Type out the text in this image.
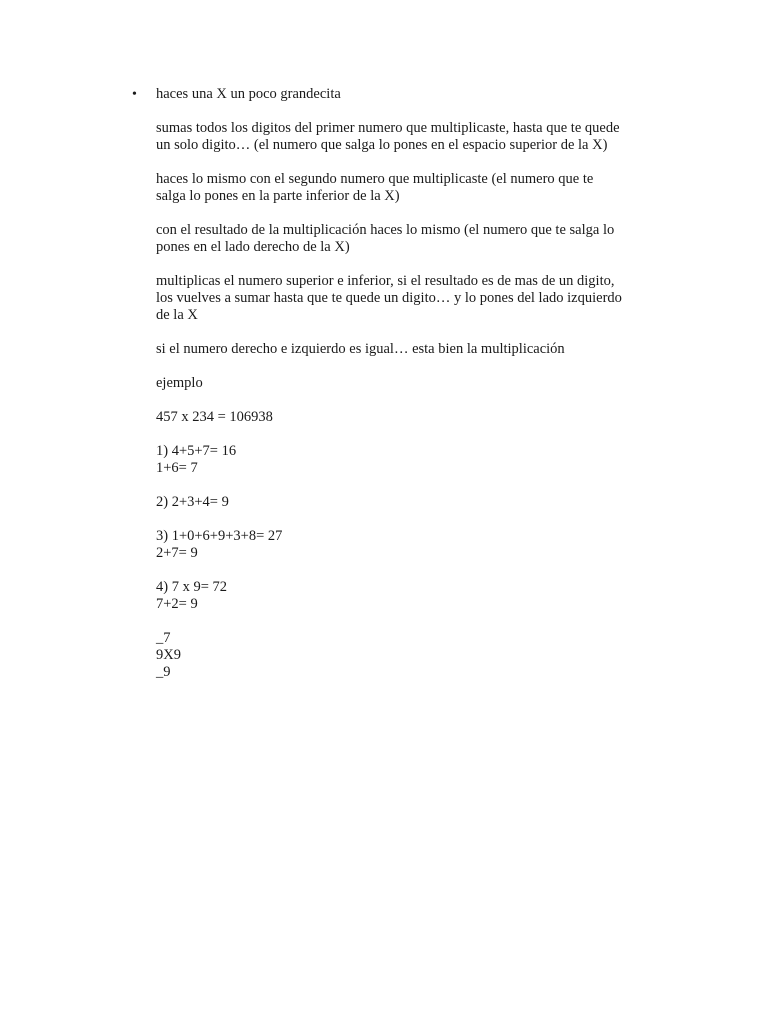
• haces una X un poco grandecita

sumas todos los digitos del primer numero que multiplicaste, hasta que te quede
un solo digito… (el numero que salga lo pones en el espacio superior de la X)

haces lo mismo con el segundo numero que multiplicaste (el numero que te
salga lo pones en la parte inferior de la X)

con el resultado de la multiplicación haces lo mismo (el numero que te salga lo
pones en el lado derecho de la X)

multiplicas el numero superior e inferior, si el resultado es de mas de un digito,
los vuelves a sumar hasta que te quede un digito… y lo pones del lado izquierdo
de la X

si el numero derecho e izquierdo es igual… esta bien la multiplicación

ejemplo

457 x 234 = 106938

1) 4+5+7= 16
1+6= 7

2) 2+3+4= 9

3) 1+0+6+9+3+8= 27
2+7= 9

4) 7 x 9= 72
7+2= 9

_7
9X9
_9
